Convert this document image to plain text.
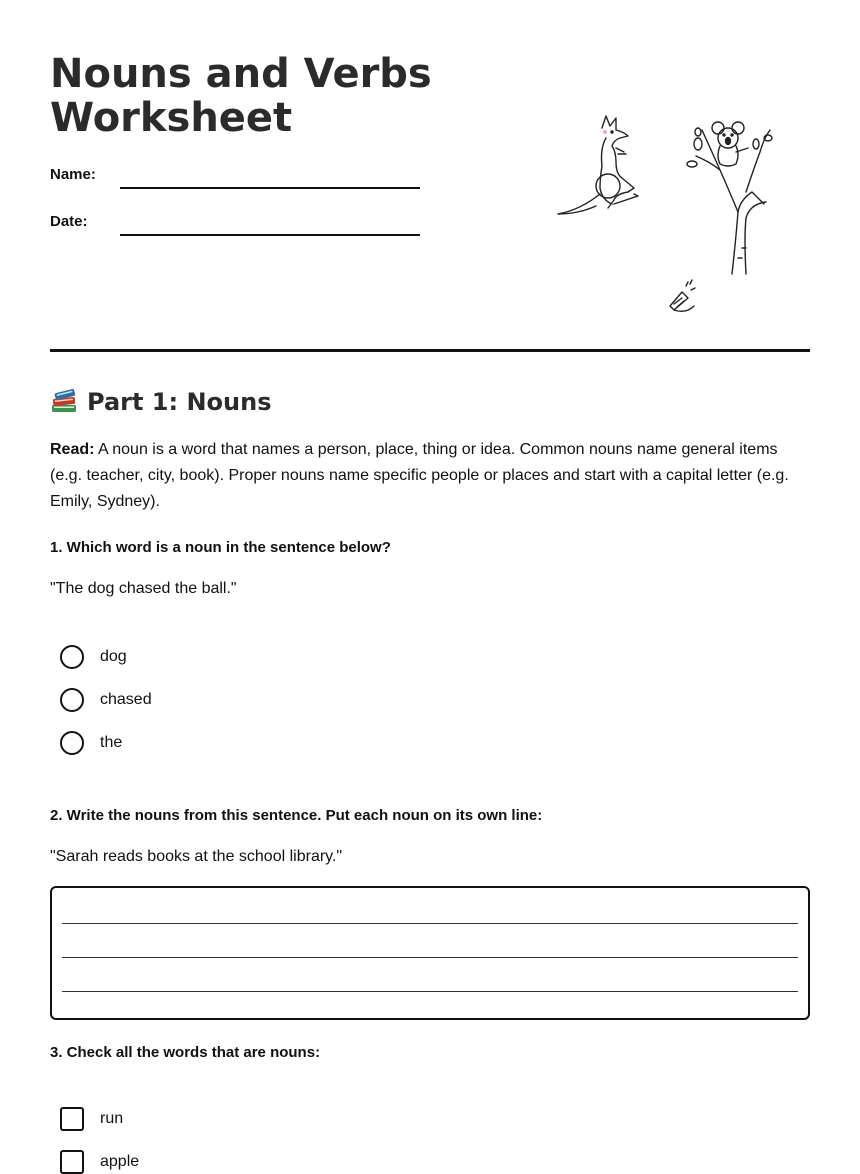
Nouns and Verbs Worksheet
Name:
Date:
Part 1: Nouns

Read: A noun is a word that names a person, place, thing or idea. Common nouns name general items (e.g. teacher, city, book). Proper nouns name specific people or places and start with a capital letter (e.g. Emily, Sydney).

1. Which word is a noun in the sentence below?

"The dog chased the ball."

dog
chased
the

2. Write the nouns from this sentence. Put each noun on its own line:

"Sarah reads books at the school library."

3. Check all the words that are nouns:

run
apple
